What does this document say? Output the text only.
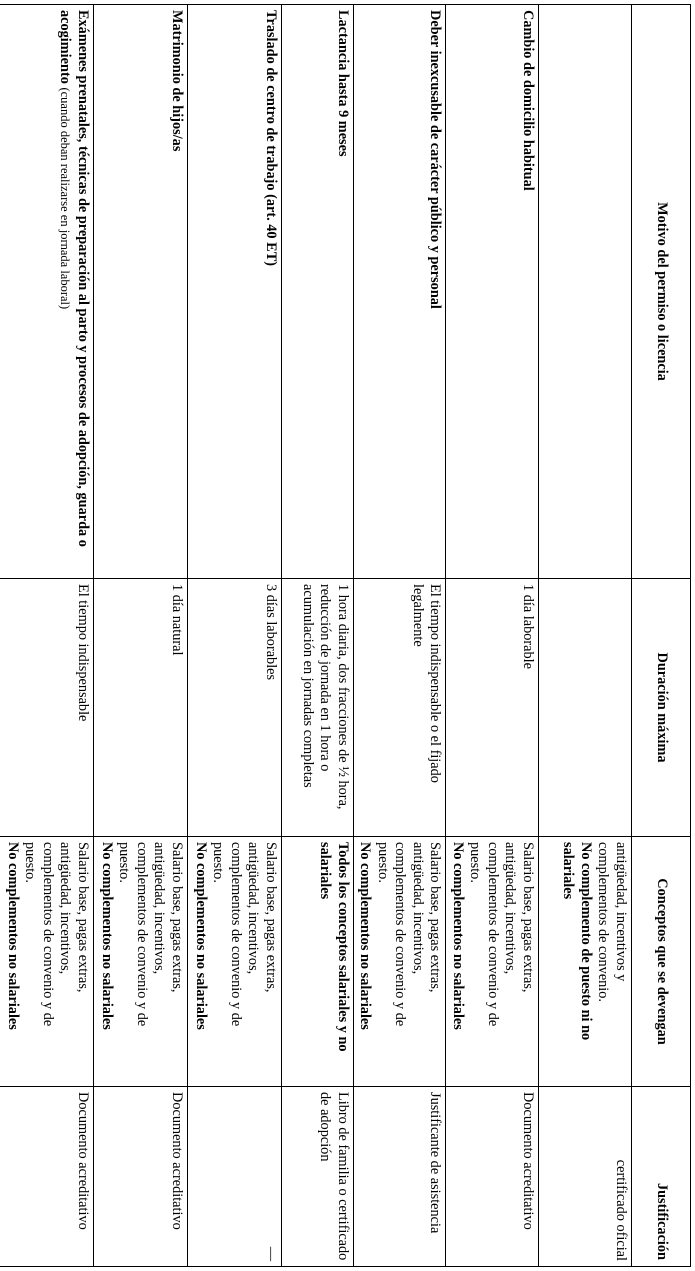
Motivo del permiso o licencia	Duración máxima	Conceptos que se devengan	Justificación

		antigüedad, incentivos y
complementos de convenio.
No complemento de puesto ni no salariales	certificado oficial
Cambio de domicilio habitual	1 día laborable	Salario base, pagas extras,
antigüedad, incentivos,
complementos de convenio y de
puesto.
No complementos no salariales	Documento acreditativo
Deber inexcusable de carácter público y personal	El tiempo indispensable o el fijado legalmente	Salario base, pagas extras,
antigüedad, incentivos,
complementos de convenio y de
puesto.
No complementos no salariales	Justificante de asistencia
Lactancia hasta 9 meses	1 hora diaria, dos fracciones de ½ hora, reducción de jornada en 1 hora o acumulación en jornadas completas	Todos los conceptos salariales y no salariales	Libro de familia o certificado de adopción
Traslado de centro de trabajo (art. 40 ET)	3 días laborables	Salario base, pagas extras,
antigüedad, incentivos,
complementos de convenio y de
puesto.
No complementos no salariales	—
Matrimonio de hijos/as	1 día natural	Salario base, pagas extras,
antigüedad, incentivos,
complementos de convenio y de
puesto.
No complementos no salariales	Documento acreditativo
Exámenes prenatales, técnicas de preparación al parto y procesos de adopción, guarda o acogimiento (cuando deban realizarse en jornada laboral)	El tiempo indispensable	Salario base, pagas extras,
antigüedad, incentivos,
complementos de convenio y de
puesto.
No complementos no salariales	Documento acreditativo
